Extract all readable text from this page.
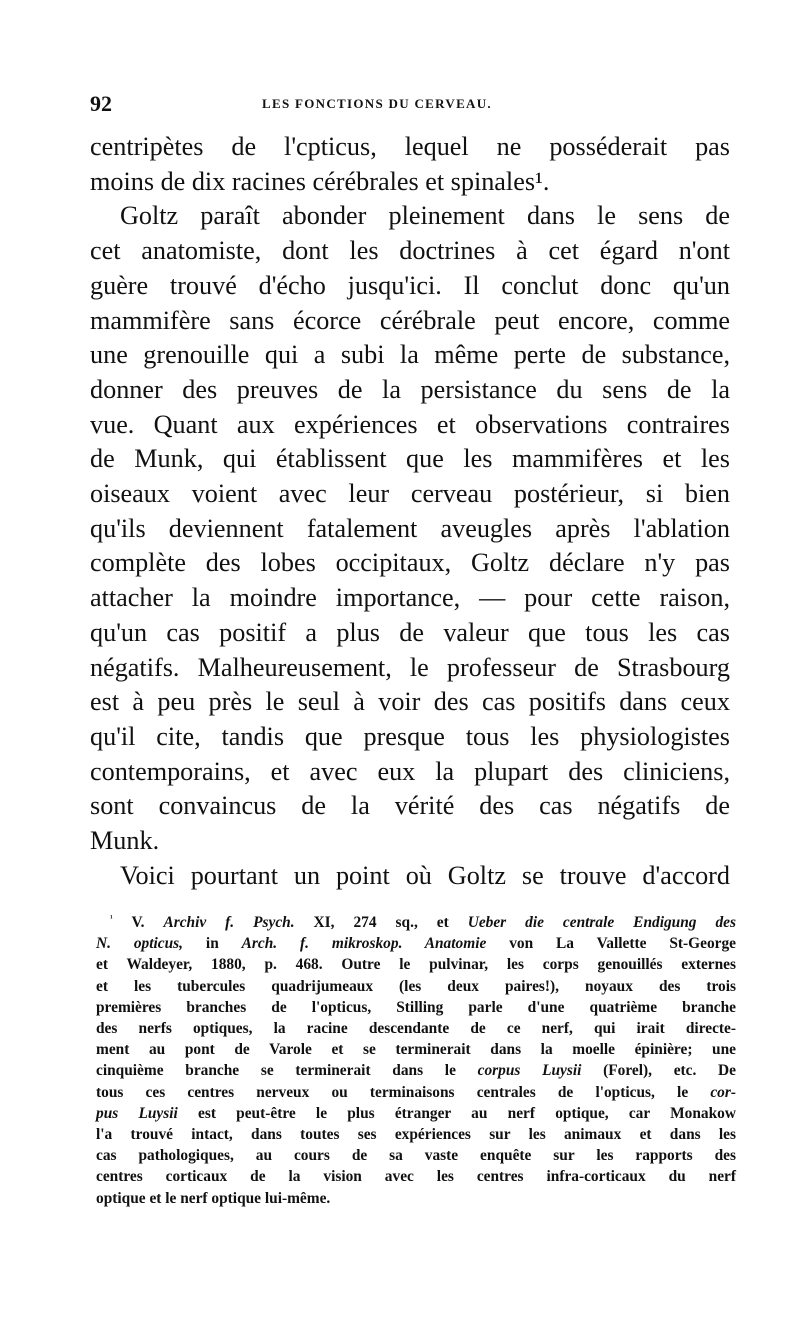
92	LES FONCTIONS DU CERVEAU.
centripètes de l'cpticus, lequel ne posséderait pas
moins de dix racines cérébrales et spinales¹.
Goltz paraît abonder pleinement dans le sens de
cet anatomiste, dont les doctrines à cet égard n'ont
guère trouvé d'écho jusqu'ici. Il conclut donc qu'un
mammifère sans écorce cérébrale peut encore, comme
une grenouille qui a subi la même perte de substance,
donner des preuves de la persistance du sens de la
vue. Quant aux expériences et observations contraires
de Munk, qui établissent que les mammifères et les
oiseaux voient avec leur cerveau postérieur, si bien
qu'ils deviennent fatalement aveugles après l'ablation
complète des lobes occipitaux, Goltz déclare n'y pas
attacher la moindre importance, — pour cette raison,
qu'un cas positif a plus de valeur que tous les cas
négatifs. Malheureusement, le professeur de Strasbourg
est à peu près le seul à voir des cas positifs dans ceux
qu'il cite, tandis que presque tous les physiologistes
contemporains, et avec eux la plupart des cliniciens,
sont convaincus de la vérité des cas négatifs de
Munk.
Voici pourtant un point où Goltz se trouve d'accord
$^{^1}$ V. Archiv f. Psych. XI, 274 sq., et Ueber die centrale Endigung des
N. opticus, in Arch. f. mikroskop. Anatomie von La Vallette St-George
et Waldeyer, 1880, p. 468. Outre le pulvinar, les corps genouillés externes
et les tubercules quadrijumeaux (les deux paires!), noyaux des trois
premières branches de l'opticus, Stilling parle d'une quatrième branche
des nerfs optiques, la racine descendante de ce nerf, qui irait directe-
ment au pont de Varole et se terminerait dans la moelle épinière; une
cinquième branche se terminerait dans le corpus Luysii (Forel), etc. De
tous ces centres nerveux ou terminaisons centrales de l'opticus, le cor-
pus Luysii est peut-être le plus étranger au nerf optique, car Monakow
l'a trouvé intact, dans toutes ses expériences sur les animaux et dans les
cas pathologiques, au cours de sa vaste enquête sur les rapports des
centres corticaux de la vision avec les centres infra-corticaux du nerf
optique et le nerf optique lui-même.
